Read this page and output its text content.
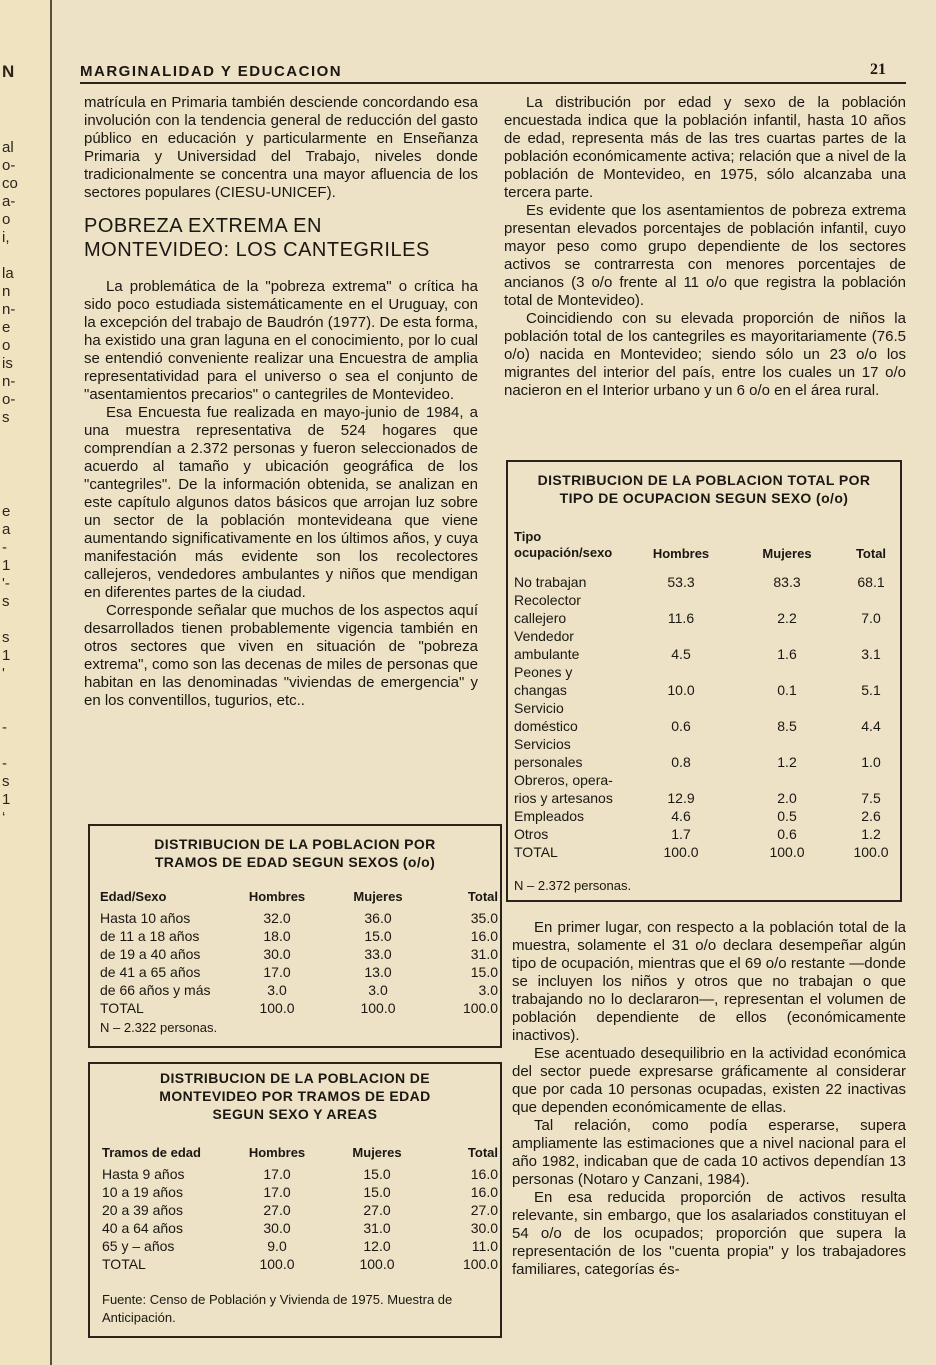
N
al
o-
co
a-
o
i,
la
n
n-
e
o
is
n-
o-
s
e
a
-
1
'-
s
s
1
'
-
-
s
1
‘
MARGINALIDAD Y EDUCACION	21

matrícula en Primaria también desciende concordando esa involución con la tendencia general de reducción del gasto público en educación y particularmente en Enseñanza Primaria y Universidad del Trabajo, niveles donde tradicionalmente se concentra una mayor afluencia de los sectores populares (CIESU-UNICEF).

POBREZA EXTREMA EN
MONTEVIDEO: LOS CANTEGRILES

La problemática de la "pobreza extrema" o crítica ha sido poco estudiada sistemáticamente en el Uruguay, con la excepción del trabajo de Baudrón (1977). De esta forma, ha existido una gran laguna en el conocimiento, por lo cual se entendió conveniente realizar una Encuestra de amplia representatividad para el universo o sea el conjunto de "asentamientos precarios" o cantegriles de Montevideo.

Esa Encuesta fue realizada en mayo-junio de 1984, a una muestra representativa de 524 hogares que comprendían a 2.372 personas y fueron seleccionados de acuerdo al tamaño y ubicación geográfica de los "cantegriles". De la información obtenida, se analizan en este capítulo algunos datos básicos que arrojan luz sobre un sector de la población montevideana que viene aumentando significativamente en los últimos años, y cuya manifestación más evidente son los recolectores callejeros, vendedores ambulantes y niños que mendigan en diferentes partes de la ciudad.

Corresponde señalar que muchos de los aspectos aquí desarrollados tienen probablemente vigencia también en otros sectores que viven en situación de "pobreza extrema", como son las decenas de miles de personas que habitan en las denominadas "viviendas de emergencia" y en los conventillos, tugurios, etc..

DISTRIBUCION DE LA POBLACION POR
TRAMOS DE EDAD SEGUN SEXOS (o/o)
Edad/Sexo	Hombres	Mujeres	Total
Hasta 10 años	32.0	36.0	35.0
de 11 a 18 años	18.0	15.0	16.0
de 19 a 40 años	30.0	33.0	31.0
de 41 a 65 años	17.0	13.0	15.0
de 66 años y más	3.0	3.0	3.0
TOTAL	100.0	100.0	100.0
N – 2.322 personas.
DISTRIBUCION DE LA POBLACION DE
MONTEVIDEO POR TRAMOS DE EDAD
SEGUN SEXO Y AREAS
Tramos de edad	Hombres	Mujeres	Total
Hasta 9 años	17.0	15.0	16.0
10 a 19 años	17.0	15.0	16.0
20 a 39 años	27.0	27.0	27.0
40 a 64 años	30.0	31.0	30.0
65 y – años	9.0	12.0	11.0
TOTAL	100.0	100.0	100.0
Fuente: Censo de Población y Vivienda de 1975. Muestra de Anticipación.

La distribución por edad y sexo de la población encuestada indica que la población infantil, hasta 10 años de edad, representa más de las tres cuartas partes de la población económicamente activa; relación que a nivel de la población de Montevideo, en 1975, sólo alcanzaba una tercera parte.

Es evidente que los asentamientos de pobreza extrema presentan elevados porcentajes de población infantil, cuyo mayor peso como grupo dependiente de los sectores activos se contrarresta con menores porcentajes de ancianos (3 o/o frente al 11 o/o que registra la población total de Montevideo).

Coincidiendo con su elevada proporción de niños la población total de los cantegriles es mayoritariamente (76.5 o/o) nacida en Montevideo; siendo sólo un 23 o/o los migrantes del interior del país, entre los cuales un 17 o/o nacieron en el Interior urbano y un 6 o/o en el área rural.

DISTRIBUCION DE LA POBLACION TOTAL POR
TIPO DE OCUPACION SEGUN SEXO (o/o)
Tipo
ocupación/sexo	Hombres	Mujeres	Total

No trabajan	53.3	83.3	68.1

Recolector
callejero	11.6	2.2	7.0

Vendedor
ambulante	4.5	1.6	3.1

Peones y
changas	10.0	0.1	5.1

Servicio
doméstico	0.6	8.5	4.4

Servicios
personales	0.8	1.2	1.0

Obreros, opera-
rios y artesanos	12.9	2.0	7.5
Empleados	4.6	0.5	2.6
Otros	1.7	0.6	1.2
TOTAL	100.0	100.0	100.0
N – 2.372 personas.

En primer lugar, con respecto a la población total de la muestra, solamente el 31 o/o declara desempeñar algún tipo de ocupación, mientras que el 69 o/o restante —donde se incluyen los niños y otros que no trabajan o que trabajando no lo declararon—, representan el volumen de población dependiente de ellos (económicamente inactivos).

Ese acentuado desequilibrio en la actividad económica del sector puede expresarse gráficamente al considerar que por cada 10 personas ocupadas, existen 22 inactivas que dependen económicamente de ellas.

Tal relación, como podía esperarse, supera ampliamente las estimaciones que a nivel nacional para el año 1982, indicaban que de cada 10 activos dependían 13 personas (Notaro y Canzani, 1984).

En esa reducida proporción de activos resulta relevante, sin embargo, que los asalariados constituyan el 54 o/o de los ocupados; proporción que supera la representación de los "cuenta propia" y los trabajadores familiares, categorías és-
